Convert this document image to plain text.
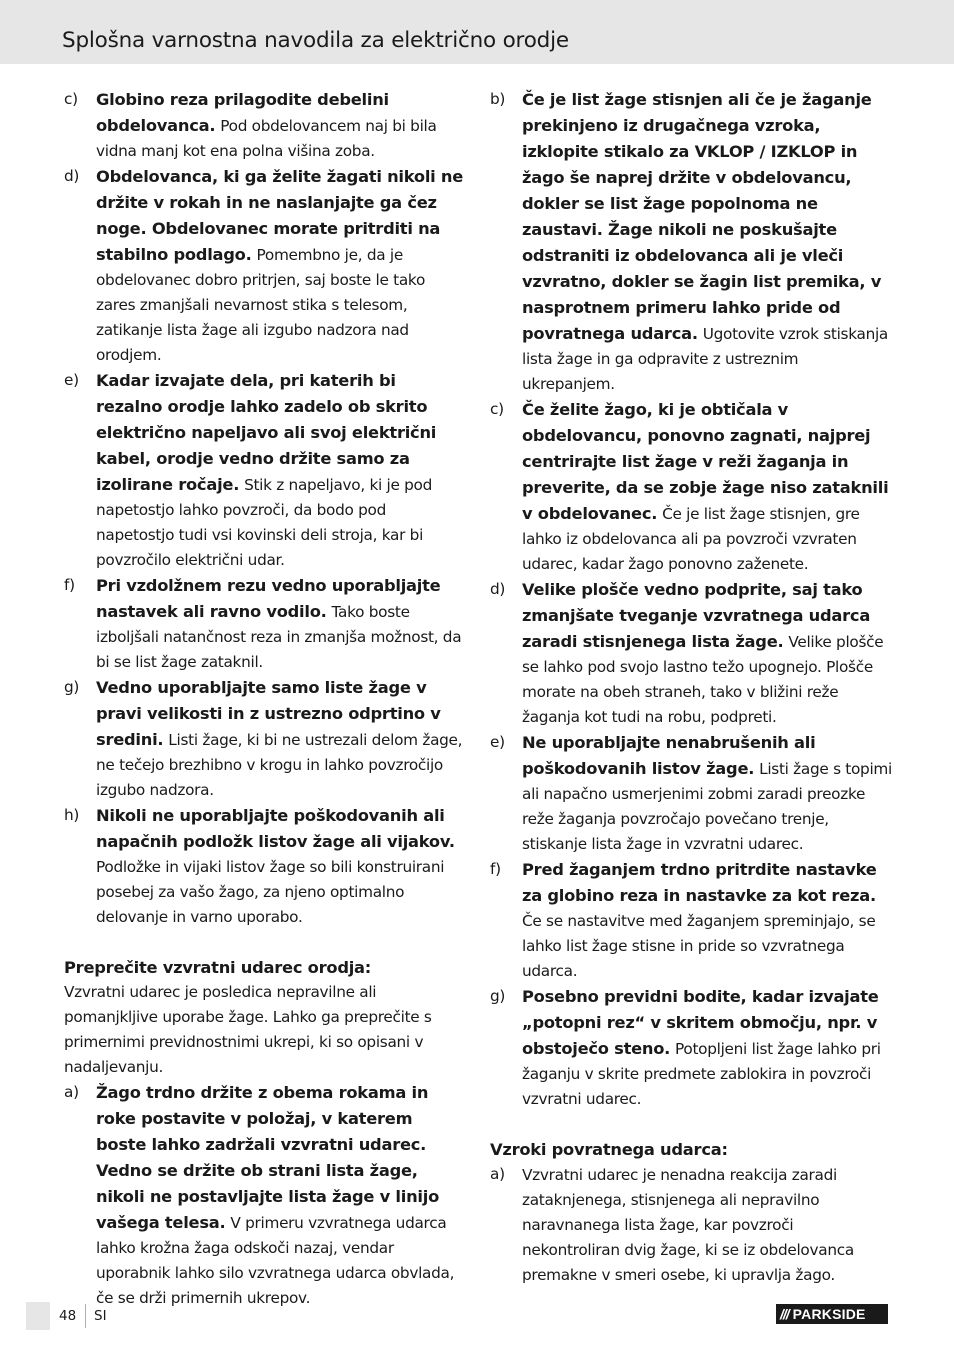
Splošna varnostna navodila za električno orodje
c) Globino reza prilagodite debelini obdelovanca. Pod obdelovancem naj bi bila vidna manj kot ena polna višina zoba.
d) Obdelovanca, ki ga želite žagati nikoli ne držite v rokah in ne naslanjajte ga čez noge. Obdelovanec morate pritrditi na stabilno podlago. Pomembno je, da je obdelovanec dobro pritrjen, saj boste le tako zares zmanjšali nevarnost stika s telesom, zatikanje lista žage ali izgubo nadzora nad orodjem.
e) Kadar izvajate dela, pri katerih bi rezalno orodje lahko zadelo ob skrito električno napeljavo ali svoj električni kabel, orodje vedno držite samo za izolirane ročaje. Stik z napeljavo, ki je pod napetostjo lahko povzroči, da bodo pod napetostjo tudi vsi kovinski deli stroja, kar bi povzročilo električni udar.
f) Pri vzdolžnem rezu vedno uporabljajte nastavek ali ravno vodilo. Tako boste izboljšali natančnost reza in zmanjša možnost, da bi se list žage zataknil.
g) Vedno uporabljajte samo liste žage v pravi velikosti in z ustrezno odprtino v sredini. Listi žage, ki bi ne ustrezali delom žage, ne tečejo brezhibno v krogu in lahko povzročijo izgubo nadzora.
h) Nikoli ne uporabljajte poškodovanih ali napačnih podložk listov žage ali vijakov. Podložke in vijaki listov žage so bili konstruirani posebej za vašo žago, za njeno optimalno delovanje in varno uporabo.
Preprečite vzvratni udarec orodja:
Vzvratni udarec je posledica nepravilne ali pomanjkljive uporabe žage. Lahko ga preprečite s primernimi previdnostnimi ukrepi, ki so opisani v nadaljevanju.
a) Žago trdno držite z obema rokama in roke postavite v položaj, v katerem boste lahko zadržali vzvratni udarec. Vedno se držite ob strani lista žage, nikoli ne postavljajte lista žage v linijo vašega telesa. V primeru vzvratnega udarca lahko krožna žaga odskoči nazaj, vendar uporabnik lahko silo vzvratnega udarca obvlada, če se drži primernih ukrepov.
b) Če je list žage stisnjen ali če je žaganje prekinjeno iz drugačnega vzroka, izklopite stikalo za VKLOP / IZKLOP in žago še naprej držite v obdelovancu, dokler se list žage popolnoma ne zaustavi. Žage nikoli ne poskušajte odstraniti iz obdelovanca ali je vleči vzvratno, dokler se žagin list premika, v nasprotnem primeru lahko pride od povratnega udarca. Ugotovite vzrok stiskanja lista žage in ga odpravite z ustreznim ukrepanjem.
c) Če želite žago, ki je obtičala v obdelovancu, ponovno zagnati, najprej centrirajte list žage v reži žaganja in preverite, da se zobje žage niso zataknili v obdelovanec. Če je list žage stisnjen, gre lahko iz obdelovanca ali pa povzroči vzvraten udarec, kadar žago ponovno zaženete.
d) Velike plošče vedno podprite, saj tako zmanjšate tveganje vzvratnega udarca zaradi stisnjenega lista žage. Velike plošče se lahko pod svojo lastno težo upognejo. Plošče morate na obeh straneh, tako v bližini reže žaganja kot tudi na robu, podpreti.
e) Ne uporabljajte nenabrušenih ali poškodovanih listov žage. Listi žage s topimi ali napačno usmerjenimi zobmi zaradi preozke reže žaganja povzročajo povečano trenje, stiskanje lista žage in vzvratni udarec.
f) Pred žaganjem trdno pritrdite nastavke za globino reza in nastavke za kot reza. Če se nastavitve med žaganjem spreminjajo, se lahko list žage stisne in pride so vzvratnega udarca.
g) Posebno previdni bodite, kadar izvajate „potopni rez“ v skritem območju, npr. v obstoječo steno. Potopljeni list žage lahko pri žaganju v skrite predmete zablokira in povzroči vzvratni udarec.
Vzroki povratnega udarca:
a) Vzvratni udarec je nenadna reakcija zaradi zataknjenega, stisnjenega ali nepravilno naravnanega lista žage, kar povzroči nekontroliran dvig žage, ki se iz obdelovanca premakne v smeri osebe, ki upravlja žago.
48 SI	/// PARKSIDE
